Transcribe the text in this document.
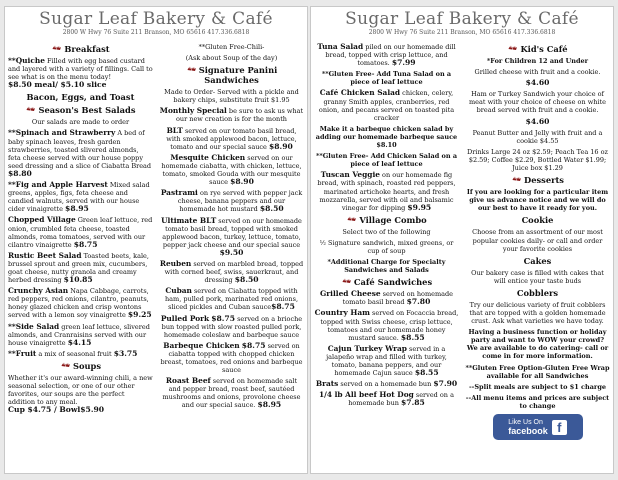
Sugar Leaf Bakery & Café
2800 W Hwy 76 Suite 211 Branson, MO 65616 417.336.6818
Breakfast
**Quiche Filled with egg based custard and layered with a variety of fillings. Call to see what is on the menu today! $8.50 meal/ $5.10 slice
Bacon, Eggs, and Toast
Season's Best Salads
Our salads are made to order
**Spinach and Strawberry A bed of baby spinach leaves, fresh garden strawberries, toasted slivered almonds, feta cheese served with our house poppy seed dressing and a slice of Ciabatta Bread $8.80
**Fig and Apple Harvest Mixed salad greens, apples, figs, feta cheese and candied walnuts, served with our house cider vinaigrette $8.95
Chopped Village Green leaf lettuce, red onion, crumbled feta cheese, toasted almonds, roma tomatoes, served with our cilantro vinaigrette $8.75
Rustic Beet Salad Toasted beets, kale, brussel sprout and green mix, cucumbers, goat cheese, nutty granola and creamy herbed dressing $10.85
Crunchy Asian Napa Cabbage, carrots, red peppers, red onions, cilantro, peanuts, honey glazed chicken and crisp wontons served with a lemon soy vinaigrette $9.25
**Side Salad green leaf lettuce, slivered almonds, and Cranraisins served with our house vinaigrette $4.15
**Fruit a mix of seasonal fruit $3.75
Soups
Whether it's our award-winning chili, a new seasonal selection, or one of our other favorites, our soups are the perfect addition to any meal. Cup $4.75 / Bowl$5.90
**Gluten Free-Chili-
(Ask about Soup of the day)
Signature Panini Sandwiches
Made to Order- Served with a pickle and bakery chips, substitute fruit $1.95
Monthly Special be sure to ask us what our new creation is for the month
BLT served on our tomato basil bread, with smoked applewood bacon, lettuce, tomato and our special sauce $8.90
Mesquite Chicken served on our homemade ciabatta, with chicken, lettuce, tomato, smoked Gouda with our mesquite sauce $8.90
Pastrami on rye served with pepper jack cheese, banana peppers and our homemade hot mustard $8.50
Ultimate BLT served on our homemade tomato basil bread, topped with smoked applewood bacon, turkey, lettuce, tomato, pepper jack cheese and our special sauce $9.50
Reuben served on marbled bread, topped with corned beef, swiss, sauerkraut, and dressing $8.50
Cuban served on Ciabatta topped with ham, pulled pork, marinated red onions, sliced pickles and Cuban sauce$8.75
Pulled Pork $8.75 served on a brioche bun topped with slow roasted pulled pork, homemade coleslaw and barbeque sauce
Barbeque Chicken $8.75 served on ciabatta topped with chopped chicken breast, tomatoes, red onions and barbeque sauce
Roast Beef served on homemade salt and pepper bread, roast beef, sautéed mushrooms and onions, provolone cheese and our special sauce. $8.95
Sugar Leaf Bakery & Café
2800 W Hwy 76 Suite 211 Branson, MO 65616 417.336.6818
Tuna Salad piled on our homemade dill bread, topped with crisp lettuce, and tomatoes. $7.99
**Gluten Free- Add Tuna Salad on a piece of leaf lettuce
Café Chicken Salad chicken, celery, granny Smith apples, cranberries, red onion, and pecans served on toasted pita cracker
Make it a barbeque chicken salad by adding our homemade barbeque sauce $8.10
**Gluten Free- Add Chicken Salad on a piece of leaf lettuce
Tuscan Veggie on our homemade fig bread, with spinach, roasted red peppers, marinated artichoke hearts, and fresh mozzarella, served with oil and balsamic vinegar for dipping $9.95
Village Combo
Select two of the following
½ Signature sandwich, mixed greens, or cup of soup
*Additional Charge for Specialty Sandwiches and Salads
Café Sandwiches
Grilled Cheese served on homemade tomato basil bread $7.80
Country Ham served on Focaccia bread, topped with Swiss cheese, crisp lettuce, tomatoes and our homemade honey mustard sauce. $8.55
Cajun Turkey Wrap served in a jalapeño wrap and filled with turkey, tomato, banana peppers, and our homemade Cajun sauce $8.55
Brats served on a homemade bun $7.90
1/4 lb All beef Hot Dog served on a homemade bun $7.85
Kid's Café
*For Children 12 and Under
Grilled cheese with fruit and a cookie.
$4.60
Ham or Turkey Sandwich your choice of meat with your choice of cheese on white bread served with fruit and a cookie.
$4.60
Peanut Butter and Jelly with fruit and a cookie $4.55
Drinks Large 24 oz $2.59; Peach Tea 16 oz $2.59; Coffee $2.29, Bottled Water $1.99; Juice box $1.29
Desserts
If you are looking for a particular item give us advance notice and we will do our best to have it ready for you.
Cookie
Choose from an assortment of our most popular cookies daily- or call and order your favorite cookies
Cakes
Our bakery case is filled with cakes that will entice your taste buds
Cobblers
Try our delicious variety of fruit cobblers that are topped with a golden homemade crust. Ask what varieties we have today.
Having a business function or holiday party and want to WOW your crowd? We are available to do catering- call or come in for more information.
**Gluten Free Option-Gluten Free Wrap available for all Sandwiches
--Split meals are subject to $1 charge
--All menu items and prices are subject to change
Like Us On
facebook f
